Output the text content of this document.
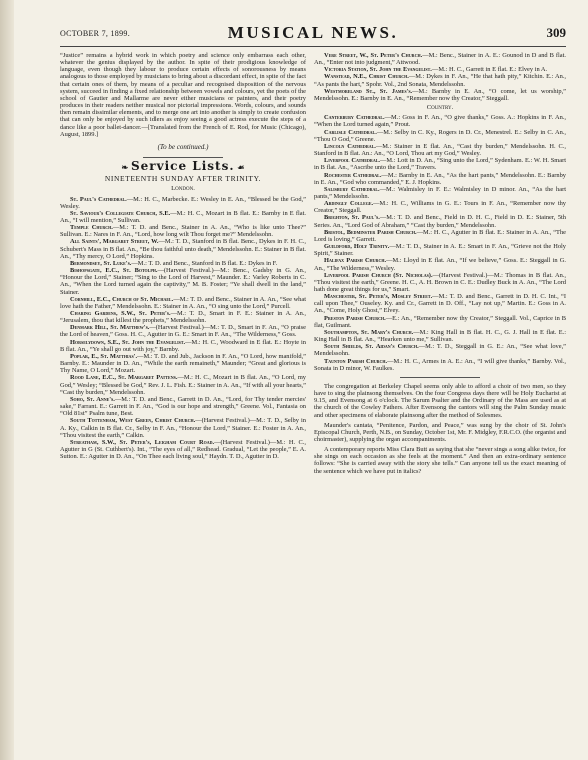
OCTOBER 7, 1899.	MUSICAL NEWS.	309

“Justice” remains a hybrid work in which poetry and science only embarrass each other, whatever the genius displayed by the author. In spite of their prodigious knowledge of language, even though they labour to produce certain effects of sonorousness by means analogous to those employed by musicians to bring about a discordant effect, in spite of the fact that certain ones of them, by means of a peculiar and recognised disposition of the nervous system, succeed in finding a fixed relationship between vowels and colours, yet the poets of the school of Gautier and Mallarme are never either musicians or painters, and their poetry produces in their readers neither musical nor pictorial impressions. Words, colours, and sounds then remain dissimilar elements, and to merge one art into another is simply to create confusion that can only be enjoyed by such idlers as enjoy seeing a good actress execute the steps of a dance like a poor ballet-dancer.—[Translated from the French of E. Rod, for Music (Chicago), August, 1899.]

(To be continued.)
❧ Service Lists. ☙
NINETEENTH SUNDAY AFTER TRINITY.
London.

St. Paul's Cathedral.—M.: H. C., Marbecke. E.: Wesley in E. An., “Blessed be the God,” Wesley.

St. Saviour's Collegiate Church, S.E.—M.: H. C., Mozart in B flat. E.: Barnby in E flat. An., “I will mention,” Sullivan.

Temple Church.—M.: T. D. and Benc., Stainer in A. An., “Who is like unto Thee?” Sullivan. E.: Nares in F. An., “Lord, how long wilt Thou forget me?” Mendelssohn.

All Saints', Margaret Street, W.—M.: T. D., Stanford in B flat. Benc., Dykes in F. H. C., Schubert's Mass in B flat. An., “Be thou faithful unto death,” Mendelssohn. E.: Stainer in B flat. An., “Thy mercy, O Lord,” Hopkins.

Bermondsey, St. Luke's.—M.: T. D. and Benc., Stanford in B flat. E.: Dykes in F.

Bishopsgate, E.C., St. Botolph.—(Harvest Festival.)—M.: Benc., Gadsby in G. An., “Honour the Lord,” Stainer; “Sing to the Lord of Harvest,” Maunder. E.: Varley Roberts in C. An., “When the Lord turned again the captivity,” M. B. Foster; “Ye shall dwell in the land,” Stainer.

Cornhill, E.C., Church of St. Michael.—M.: T. D. and Benc., Stainer in A. An., “See what love hath the Father,” Mendelssohn. E.: Stainer in A. An., “O sing unto the Lord,” Purcell.

Charing Gardens, S.W., St. Peter's.—M.: T. D., Smart in F. E.: Stainer in A. An., “Jerusalem, thou that killest the prophets,” Mendelssohn.

Denmark Hill, St. Matthew's.—(Harvest Festival.)—M.: T. D., Smart in F. An., “O praise the Lord of heaven,” Goss. H. C., Agutter in G. E.: Smart in F. An., “The Wilderness,” Goss.

Horselydown, S.E., St. John the Evangelist.—M.: H. C., Woodward in E flat. E.: Hoyte in B flat. An., “Ye shall go out with joy,” Barnby.

Poplar, E., St. Matthias'.—M.: T. D. and Jub., Jackson in F. An., “O Lord, how manifold,” Barnby. E.: Maunder in D. An., “While the earth remaineth,” Maunder; “Great and glorious is Thy Name, O Lord,” Mozart.

Rood Lane, E.C., St. Margaret Pattens.—M.: H. C., Mozart in B flat. An., “O Lord, my God,” Wesley; “Blessed be God,” Rev. J. L. Fish. E.: Stainer in A. An., “If with all your hearts,” “Cast thy burden,” Mendelssohn.

Soho, St. Anne's.—M.: T. D. and Benc., Garrett in D. An., “Lord, for Thy tender mercies' sake,” Farrant. E.: Garrett in F. An., “God is our hope and strength,” Greene. Vol., Fantasia on “Old 81st” Psalm tune, Best.

South Tottenham, West Green, Christ Church.—(Harvest Festival.)—M.: T. D., Selby in A. Ky., Calkin in B flat. Cr., Selby in F. An., “Honour the Lord,” Stainer. E.: Foster in A. An., “Thou visitest the earth,” Calkin.

Streatham, S.W., St. Peter's, Leigham Court Road.—(Harvest Festival.)—M.: H. C., Agutter in G (St. Cuthbert's). Int., “The eyes of all,” Redhead. Gradual, “Let the people,” E. A. Sutton. E.: Agutter in D. An., “On Thee each living soul,” Haydn. T. D., Agutter in D.

Vere Street, W., St. Peter's Church.—M.: Benc., Stainer in A. E.: Gounod in D and B flat. An., “Enter not into judgment,” Attwood.

Victoria Station, St. John the Evangelist.—M.: H. C., Garrett in E flat. E.: Elvey in A.

Wanstead, N.E., Christ Church.—M.: Dykes in F. An., “He that hath pity,” Kitchin. E.: An., “As pants the hart,” Spohr. Vol., 2nd Sonata, Mendelssohn.

Westmoreland St., St. James's.—M.: Barnby in E. An., “O come, let us worship,” Mendelssohn. E.: Barnby in E. An., “Remember now thy Creator,” Steggall.

Country.

Canterbury Cathedral.—M.: Goss in F. An., “O give thanks,” Goss. A.: Hopkins in F. An., “When the Lord turned again,” Prout.

Carlisle Cathedral.—M.: Selby in C. Ky., Rogers in D. Cr., Menestrel. E.: Selby in C. An., “Thou O God,” Greene.

Lincoln Cathedral.—M.: Stainer in E flat. An., “Cast thy burden,” Mendelssohn. H. C., Stanford in B flat. An.: An., “O Lord, Thou art my God,” Wesley.

Liverpool Cathedral.—M.: Lott in D. An., “Sing unto the Lord,” Sydenham. E.: W. H. Smart in B flat. An., “Ascribe unto the Lord,” Travers.

Rochester Cathedral.—M.: Barnby in E. An., “As the hart pants,” Mendelssohn. E.: Barnby in E. An., “God who commanded,” E. J. Hopkins.

Salisbury Cathedral.—M.: Walmisley in F. E.: Walmisley in D minor. An., “As the hart pants,” Mendelssohn.

Ardingly College.—M.: H. C., Williams in G. E.: Tours in F. An., “Remember now thy Creator,” Steggall.

Brighton, St. Paul's.—M.: T. D. and Benc., Field in D. H. C., Field in D. E.: Stainer, 5th Series. An., “Lord God of Abraham,” “Cast thy burden,” Mendelssohn.

Bristol, Bedminster Parish Church.—M.: H. C., Agutter in B flat. E.: Stainer in A. An., “The Lord is loving,” Garrett.

Guildford, Holy Trinity.—M.: T. D., Stainer in A. E.: Smart in F. An., “Grieve not the Holy Spirit,” Stainer.

Halifax Parish Church.—M.: Lloyd in E flat. An., “If we believe,” Goss. E.: Steggall in G. An., “The Wilderness,” Wesley.

Liverpool Parish Church (St. Nicholas).—(Harvest Festival.)—M.: Thomas in B flat. An., “Thou visitest the earth,” Greene. H. C., A. H. Brown in C. E.: Dudley Buck in A. An., “The Lord hath done great things for us,” Smart.

Manchester, St. Peter's, Mosley Street.—M.: T. D. and Benc., Garrett in D. H. C. Int., “I call upon Thee,” Ouseley. Ky. and Cr., Garrett in D. Off., “Lay not up,” Martin. E.: Goss in A. An., “Come, Holy Ghost,” Elvey.

Preston Parish Church.—E.: An., “Remember now thy Creator,” Steggall. Vol., Caprice in B flat, Guilmant.

Southampton, St. Mary's Church.—M.: King Hall in B flat. H. C., G. J. Hall in E flat. E.: King Hall in B flat. An., “Hearken unto me,” Sullivan.

South Shields, St. Aidan's Church.—M.: T. D., Steggall in G. E.: An., “See what love,” Mendelssohn.

Taunton Parish Church.—M.: H. C., Armes in A. E.: An., “I will give thanks,” Barnby. Vol., Sonata in D minor, W. Faulkes.

The congregation at Berkeley Chapel seems only able to afford a choir of two men, so they have to sing the plainsong themselves. On the four Congress days there will be Holy Eucharist at 9.15, and Evensong at 6 o'clock. The Sarum Psalter and the Ordinary of the Mass are used as at the church of the Cowley Fathers. After Evensong the cantors will sing the Palm Sunday music and other specimens of elaborate plainsong after the method of Solesmes.

Maunder's cantata, “Penitence, Pardon, and Peace,” was sung by the choir of St. John's Episcopal Church, Perth, N.B., on Sunday, October 1st, Mr. F. Midgley, F.R.C.O. (the organist and choirmaster), supplying the organ accompaniments.

A contemporary reports Miss Clara Butt as saying that she “never sings a song alike twice, for she sings on each occasion as she feels at the moment.” And then an extra-ordinary sentence follows: “She is carried away with the story she tells.” Can anyone tell us the exact meaning of the sentence which we have put in italics?
